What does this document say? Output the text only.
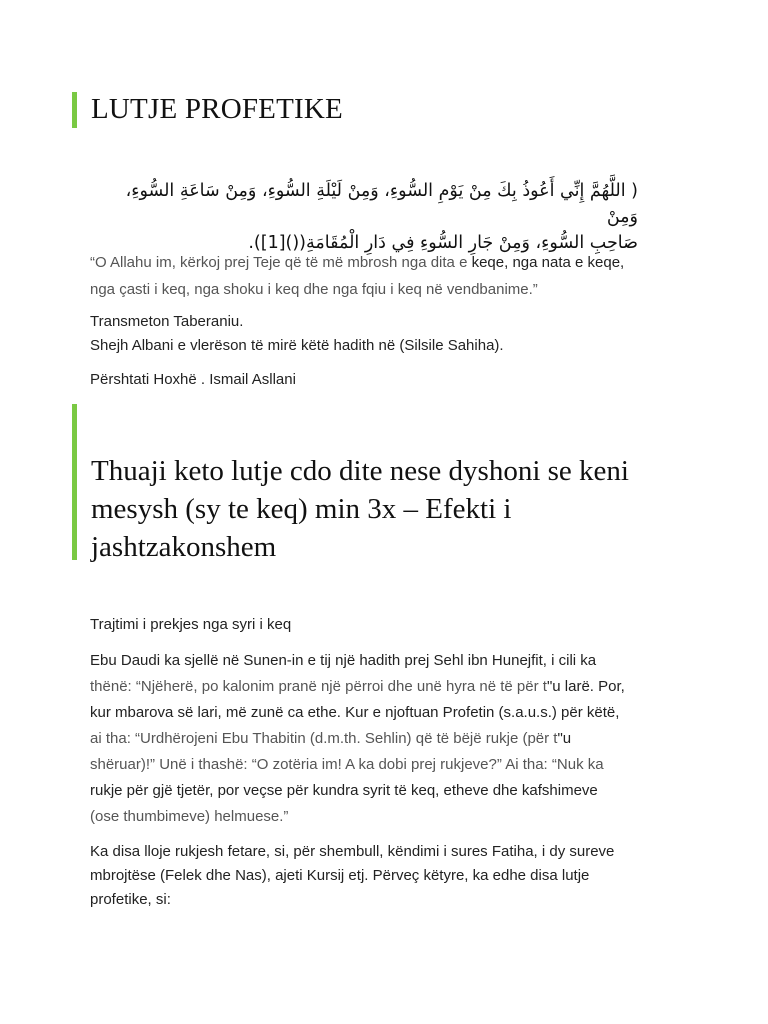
LUTJE PROFETIKE
( اللَّهُمَّ إِنِّي أَعُوذُ بِكَ مِنْ يَوْمِ السُّوءِ، وَمِنْ لَيْلَةِ السُّوءِ، وَمِنْ سَاعَةِ السُّوءِ، وَمِنْ
صَاحِبِ السُّوءِ، وَمِنْ جَارِ السُّوءِ فِي دَارِ الْمُقَامَةِ(()[1]).
“O Allahu im, kërkoj prej Teje që të më mbrosh nga dita e keqe, nga nata e keqe,
nga çasti i keq, nga shoku i keq dhe nga fqiu i keq në vendbanime.”
Transmeton Taberaniu.
Shejh Albani e vlerëson të mirë këtë hadith në (Silsile Sahiha).
Përshtati Hoxhë . Ismail Asllani
Thuaji keto lutje cdo dite nese dyshoni se keni mesysh (sy te keq) min 3x – Efekti i jashtzakonshem
Trajtimi i prekjes nga syri i keq
Ebu Daudi ka sjellë në Sunen-in e tij një hadith prej Sehl ibn Hunejfit, i cili ka
thënë: “Njëherë, po kalonim pranë një përroi dhe unë hyra në të për t"u larë. Por,
kur mbarova së lari, më zunë ca ethe. Kur e njoftuan Profetin (s.a.u.s.) për këtë,
ai tha: “Urdhërojeni Ebu Thabitin (d.m.th. Sehlin) që të bëjë rukje (për t"u
shëruar)!” Unë i thashë: “O zotëria im! A ka dobi prej rukjeve?” Ai tha: “Nuk ka
rukje për gjë tjetër, por veçse për kundra syrit të keq, etheve dhe kafshimeve
(ose thumbimeve) helmuese.”
Ka disa lloje rukjesh fetare, si, për shembull, këndimi i sures Fatiha, i dy sureve
mbrojtëse (Felek dhe Nas), ajeti Kursij etj. Përveç këtyre, ka edhe disa lutje
profetike, si:
